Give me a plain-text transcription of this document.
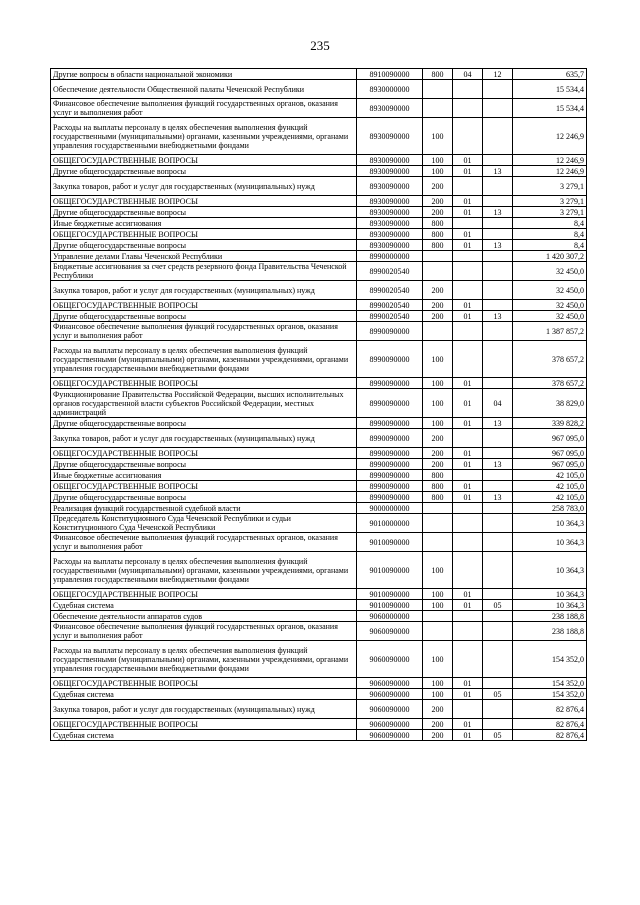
235
Другие вопросы в области национальной экономики	8910090000	800	04	12	635,7
Обеспечение деятельности Общественной палаты Чеченской Республики	8930000000				15 534,4
Финансовое обеспечение выполнения функций государственных органов, оказания услуг и выполнения работ	8930090000				15 534,4
Расходы на выплаты персоналу в целях обеспечения выполнения функций государственными (муниципальными) органами, казенными учреждениями, органами управления государственными внебюджетными фондами	8930090000	100			12 246,9
ОБЩЕГОСУДАРСТВЕННЫЕ ВОПРОСЫ	8930090000	100	01		12 246,9
Другие общегосударственные вопросы	8930090000	100	01	13	12 246,9
Закупка товаров, работ и услуг для государственных (муниципальных) нужд	8930090000	200			3 279,1
ОБЩЕГОСУДАРСТВЕННЫЕ ВОПРОСЫ	8930090000	200	01		3 279,1
Другие общегосударственные вопросы	8930090000	200	01	13	3 279,1
Иные бюджетные ассигнования	8930090000	800			8,4
ОБЩЕГОСУДАРСТВЕННЫЕ ВОПРОСЫ	8930090000	800	01		8,4
Другие общегосударственные вопросы	8930090000	800	01	13	8,4
Управление делами Главы Чеченской Республики	8990000000				1 420 307,2
Бюджетные ассигнования за счет средств резервного фонда Правительства Чеченской Республики	8990020540				32 450,0
Закупка товаров, работ и услуг для государственных (муниципальных) нужд	8990020540	200			32 450,0
ОБЩЕГОСУДАРСТВЕННЫЕ ВОПРОСЫ	8990020540	200	01		32 450,0
Другие общегосударственные вопросы	8990020540	200	01	13	32 450,0
Финансовое обеспечение выполнения функций государственных органов, оказания услуг и выполнения работ	8990090000				1 387 857,2
Расходы на выплаты персоналу в целях обеспечения выполнения функций государственными (муниципальными) органами, казенными учреждениями, органами управления государственными внебюджетными фондами	8990090000	100			378 657,2
ОБЩЕГОСУДАРСТВЕННЫЕ ВОПРОСЫ	8990090000	100	01		378 657,2
Функционирование Правительства Российской Федерации, высших исполнительных органов государственной власти субъектов Российской Федерации, местных администраций	8990090000	100	01	04	38 829,0
Другие общегосударственные вопросы	8990090000	100	01	13	339 828,2
Закупка товаров, работ и услуг для государственных (муниципальных) нужд	8990090000	200			967 095,0
ОБЩЕГОСУДАРСТВЕННЫЕ ВОПРОСЫ	8990090000	200	01		967 095,0
Другие общегосударственные вопросы	8990090000	200	01	13	967 095,0
Иные бюджетные ассигнования	8990090000	800			42 105,0
ОБЩЕГОСУДАРСТВЕННЫЕ ВОПРОСЫ	8990090000	800	01		42 105,0
Другие общегосударственные вопросы	8990090000	800	01	13	42 105,0
Реализация функций государственной судебной власти	9000000000				258 783,0
Председатель Конституционного Суда Чеченской Республики и судьи Конституционного Суда Чеченской Республики	9010000000				10 364,3
Финансовое обеспечение выполнения функций государственных органов, оказания услуг и выполнения работ	9010090000				10 364,3
Расходы на выплаты персоналу в целях обеспечения выполнения функций государственными (муниципальными) органами, казенными учреждениями, органами управления государственными внебюджетными фондами	9010090000	100			10 364,3
ОБЩЕГОСУДАРСТВЕННЫЕ ВОПРОСЫ	9010090000	100	01		10 364,3
Судебная система	9010090000	100	01	05	10 364,3
Обеспечение деятельности аппаратов судов	9060000000				238 188,8
Финансовое обеспечение выполнения функций государственных органов, оказания услуг и выполнения работ	9060090000				238 188,8
Расходы на выплаты персоналу в целях обеспечения выполнения функций государственными (муниципальными) органами, казенными учреждениями, органами управления государственными внебюджетными фондами	9060090000	100			154 352,0
ОБЩЕГОСУДАРСТВЕННЫЕ ВОПРОСЫ	9060090000	100	01		154 352,0
Судебная система	9060090000	100	01	05	154 352,0
Закупка товаров, работ и услуг для государственных (муниципальных) нужд	9060090000	200			82 876,4
ОБЩЕГОСУДАРСТВЕННЫЕ ВОПРОСЫ	9060090000	200	01		82 876,4
Судебная система	9060090000	200	01	05	82 876,4
